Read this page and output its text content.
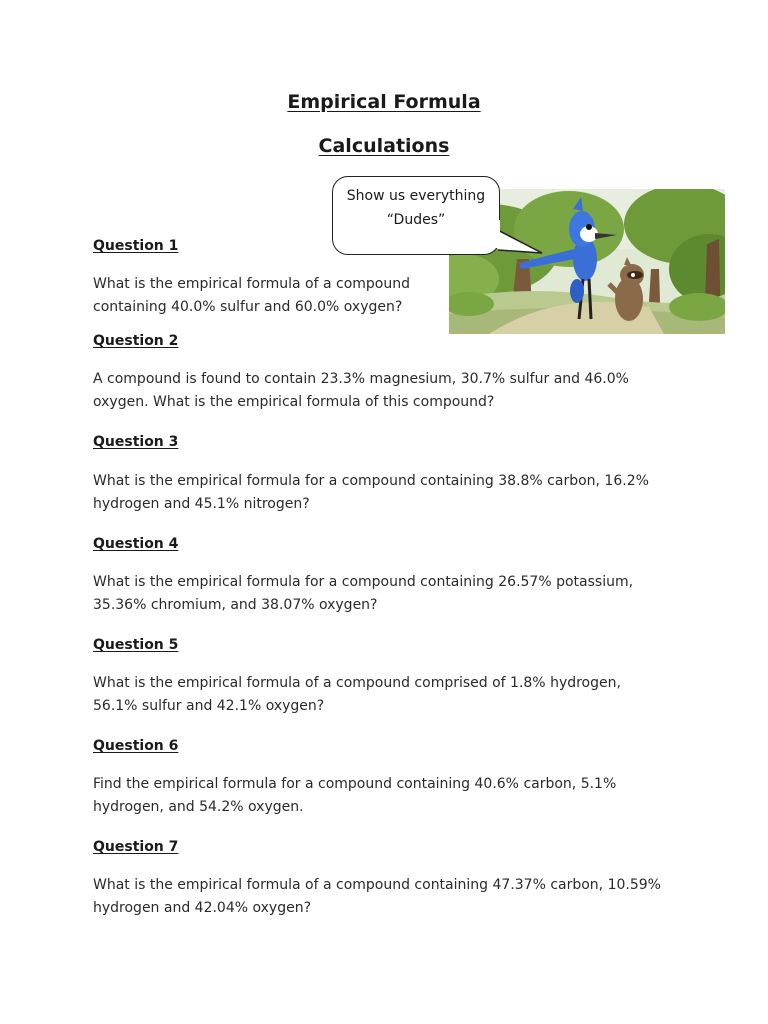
Empirical Formula
Calculations
Show us everything
“Dudes”
Question 1
What is the empirical formula of a compound
containing 40.0% sulfur and 60.0% oxygen?
Question 2
A compound is found to contain 23.3% magnesium, 30.7% sulfur and 46.0%
oxygen. What is the empirical formula of this compound?
Question 3
What is the empirical formula for a compound containing 38.8% carbon, 16.2%
hydrogen and 45.1% nitrogen?
Question 4
What is the empirical formula for a compound containing 26.57% potassium,
35.36% chromium, and 38.07% oxygen?
Question 5
What is the empirical formula of a compound comprised of 1.8% hydrogen,
56.1% sulfur and 42.1% oxygen?
Question 6
Find the empirical formula for a compound containing 40.6% carbon, 5.1%
hydrogen, and 54.2% oxygen.
Question 7
What is the empirical formula of a compound containing 47.37% carbon, 10.59%
hydrogen and 42.04% oxygen?
